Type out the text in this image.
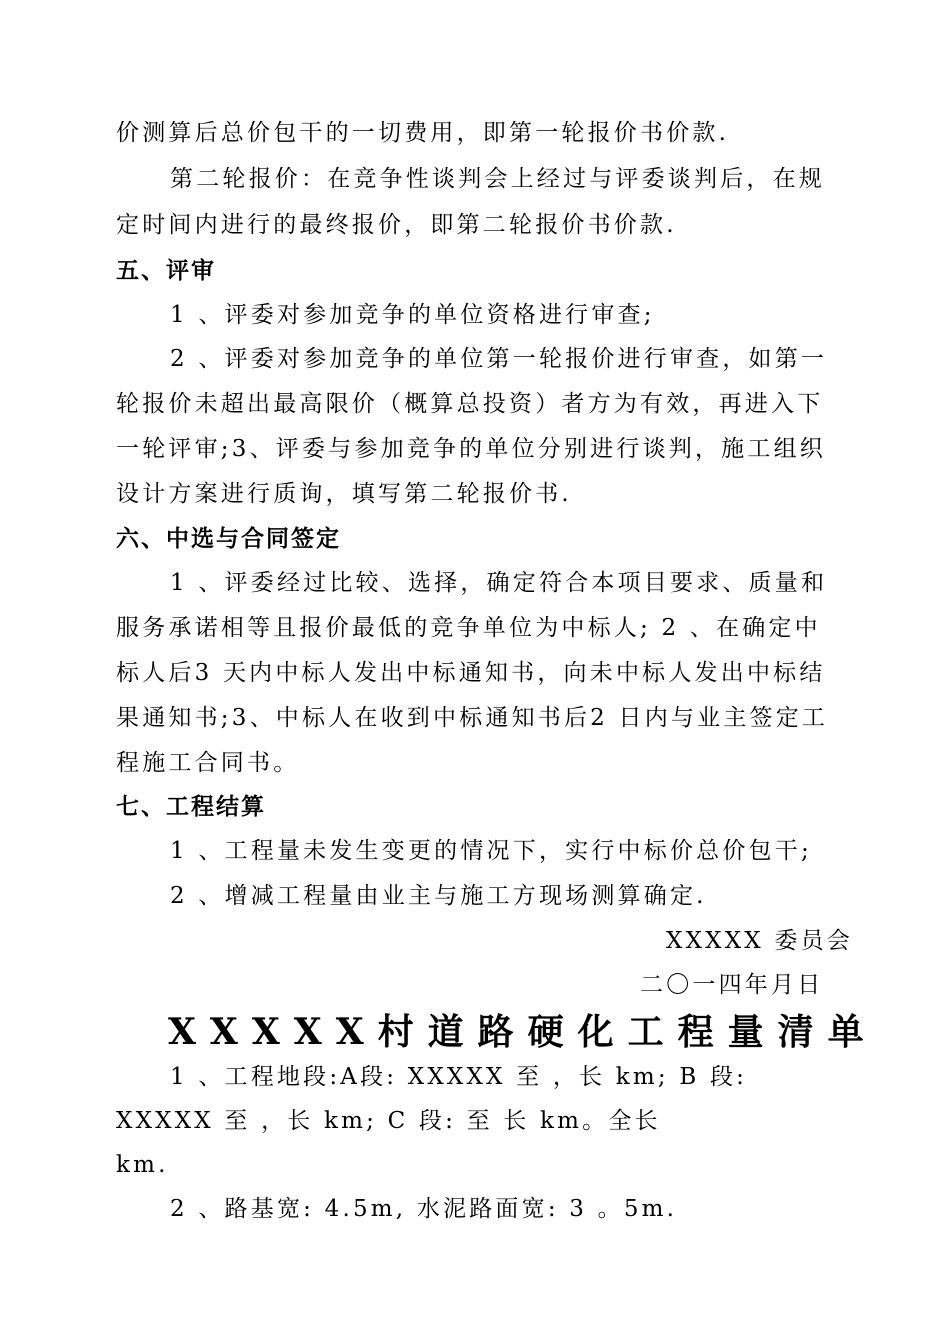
价测算后总价包干的一切费用，即第一轮报价书价款.
第二轮报价：在竞争性谈判会上经过与评委谈判后，在规
定时间内进行的最终报价，即第二轮报价书价款.
五、评审
1 、评委对参加竞争的单位资格进行审查;
2 、评委对参加竞争的单位第一轮报价进行审查，如第一
轮报价未超出最高限价（概算总投资）者方为有效，再进入下
一轮评审;3、评委与参加竞争的单位分别进行谈判，施工组织
设计方案进行质询，填写第二轮报价书.
六、中选与合同签定
1 、评委经过比较、选择，确定符合本项目要求、质量和
服务承诺相等且报价最低的竞争单位为中标人; 2 、在确定中
标人后3 天内中标人发出中标通知书，向未中标人发出中标结
果通知书;3、中标人在收到中标通知书后2 日内与业主签定工
程施工合同书。
七、工程结算
1 、工程量未发生变更的情况下，实行中标价总价包干;
2 、增减工程量由业主与施工方现场测算确定.
XXXXX 委员会
二〇一四年月日
XXXXX村道路硬化工程量清单
1 、工程地段:A段: XXXXX 至 ，长 km; B 段:
XXXXX 至 ，长 km; C 段: 至 长 km。全长
km.
2 、路基宽: 4.5m, 水泥路面宽: 3 。5m.
